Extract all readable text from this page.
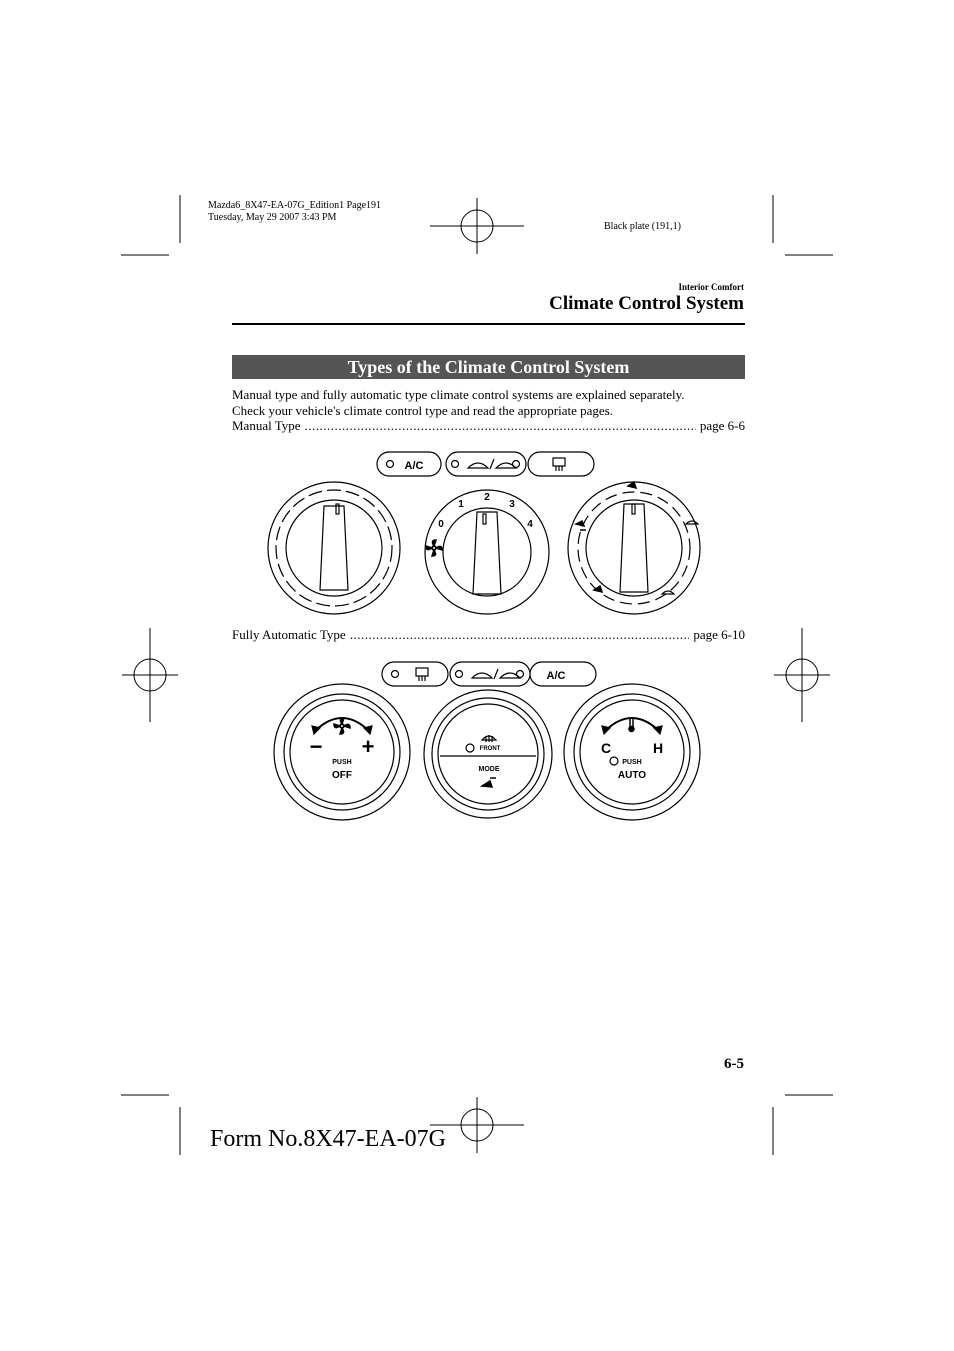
Mazda6_8X47-EA-07G_Edition1 Page191
Tuesday, May 29 2007 3:43 PM
Black plate (191,1)
Interior Comfort
Climate Control System
Types of the Climate Control System
Manual type and fully automatic type climate control systems are explained separately.
Check your vehicle's climate control type and read the appropriate pages.
Manual Type .....	page 6-6
A/C
0
1
2
3
4
Fully Automatic Type .....	page 6-10
A/C
− +
PUSH
OFF
FRONT
MODE
C	H
PUSH
AUTO
6-5
Form No.8X47-EA-07G
